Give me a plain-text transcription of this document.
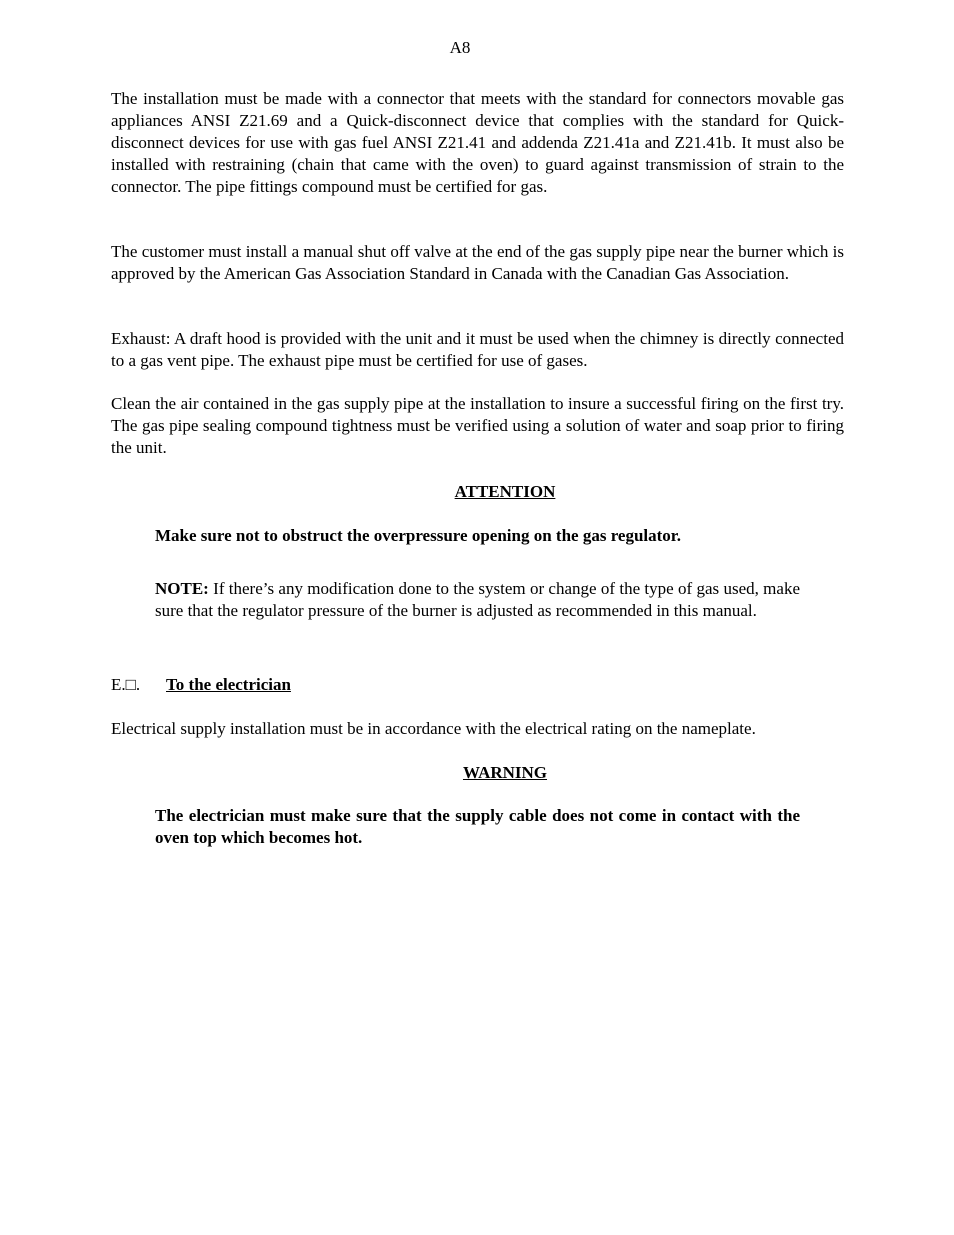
A8

The installation must be made with a connector that meets with the standard for connectors movable gas appliances ANSI Z21.69 and a Quick-disconnect device that complies with the standard for Quick-disconnect devices for use with gas fuel ANSI Z21.41 and addenda Z21.41a and Z21.41b. It must also be installed with restraining (chain that came with the oven) to guard against transmission of strain to the connector. The pipe fittings compound must be certified for gas.

The customer must install a manual shut off valve at the end of the gas supply pipe near the burner which is approved by the American Gas Association Standard in Canada with the Canadian Gas Association.

Exhaust: A draft hood is provided with the unit and it must be used when the chimney is directly connected to a gas vent pipe. The exhaust pipe must be certified for use of gases.

Clean the air contained in the gas supply pipe at the installation to insure a successful firing on the first try. The gas pipe sealing compound tightness must be verified using a solution of water and soap prior to firing the unit.

ATTENTION

Make sure not to obstruct the overpressure opening on the gas regulator.

NOTE: If there’s any modification done to the system or change of the type of gas used, make sure that the regulator pressure of the burner is adjusted as recommended in this manual.

E.□. To the electrician

Electrical supply installation must be in accordance with the electrical rating on the nameplate.

WARNING

The electrician must make sure that the supply cable does not come in contact with the oven top which becomes hot.
